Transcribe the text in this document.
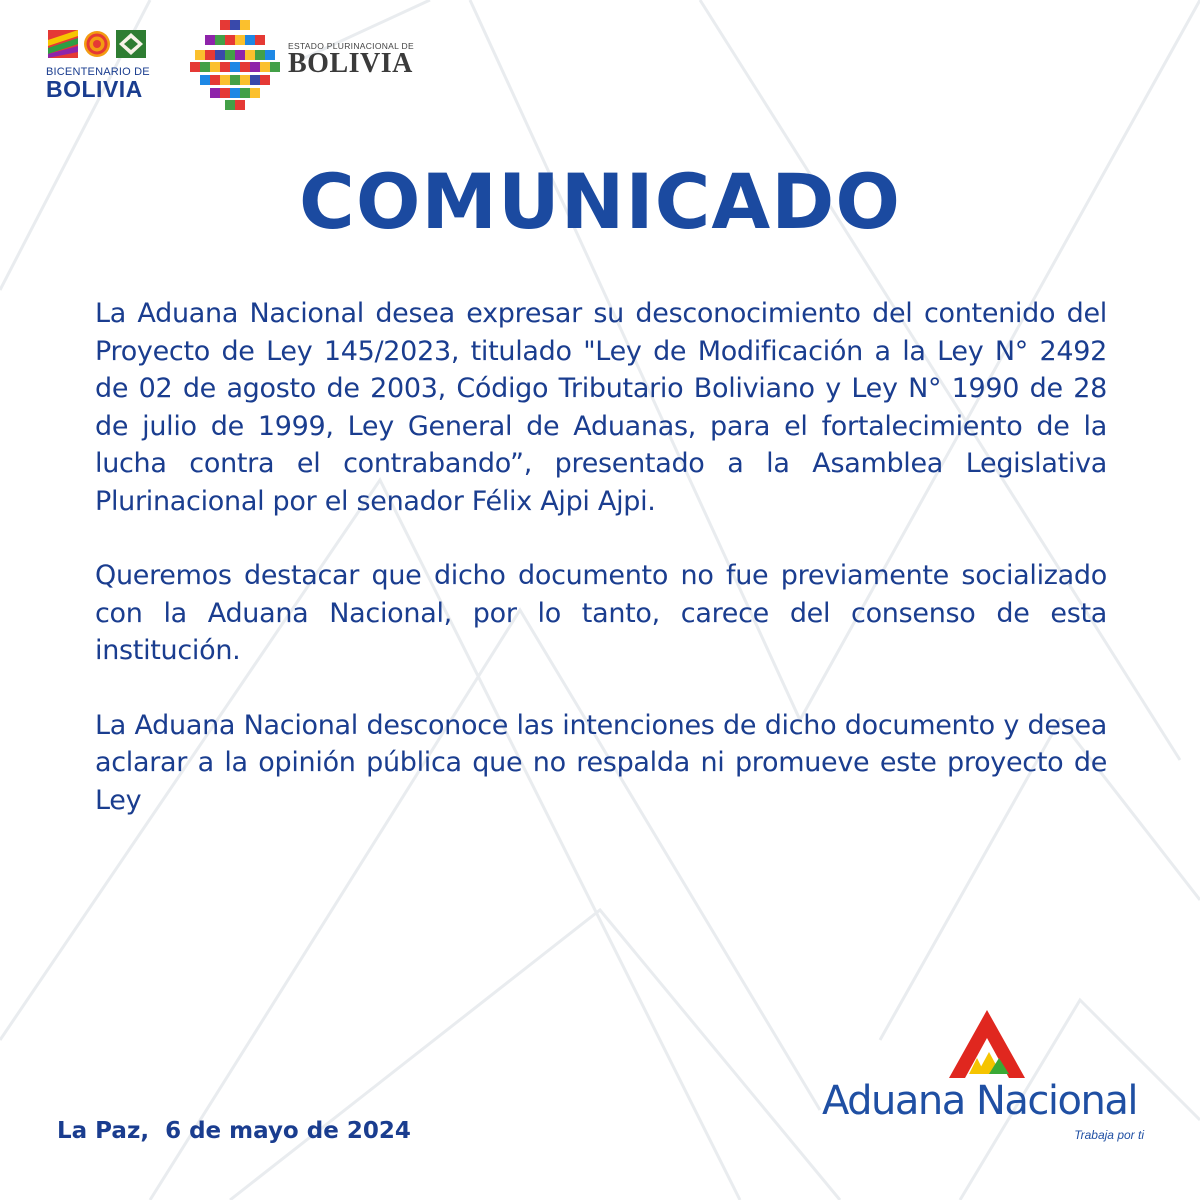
BICENTENARIO DE
BOLIVIA
ESTADO PLURINACIONAL DE
BOLIVIA
COMUNICADO

La Aduana Nacional desea expresar su desconocimiento del contenido del Proyecto de Ley 145/2023, titulado "Ley de Modificación a la Ley N° 2492 de 02 de agosto de 2003, Código Tributario Boliviano y Ley N° 1990 de 28 de julio de 1999, Ley General de Aduanas, para el fortalecimiento de la lucha contra el contrabando”, presentado a la Asamblea Legislativa Plurinacional por el senador Félix Ajpi Ajpi.

Queremos destacar que dicho documento no fue previamente socializado con la Aduana Nacional, por lo tanto, carece del consenso de esta institución.

La Aduana Nacional desconoce las intenciones de dicho documento y desea aclarar a la opinión pública que no respalda ni promueve este proyecto de Ley

La Paz,  6 de mayo de 2024
Aduana Nacional
Trabaja por ti
